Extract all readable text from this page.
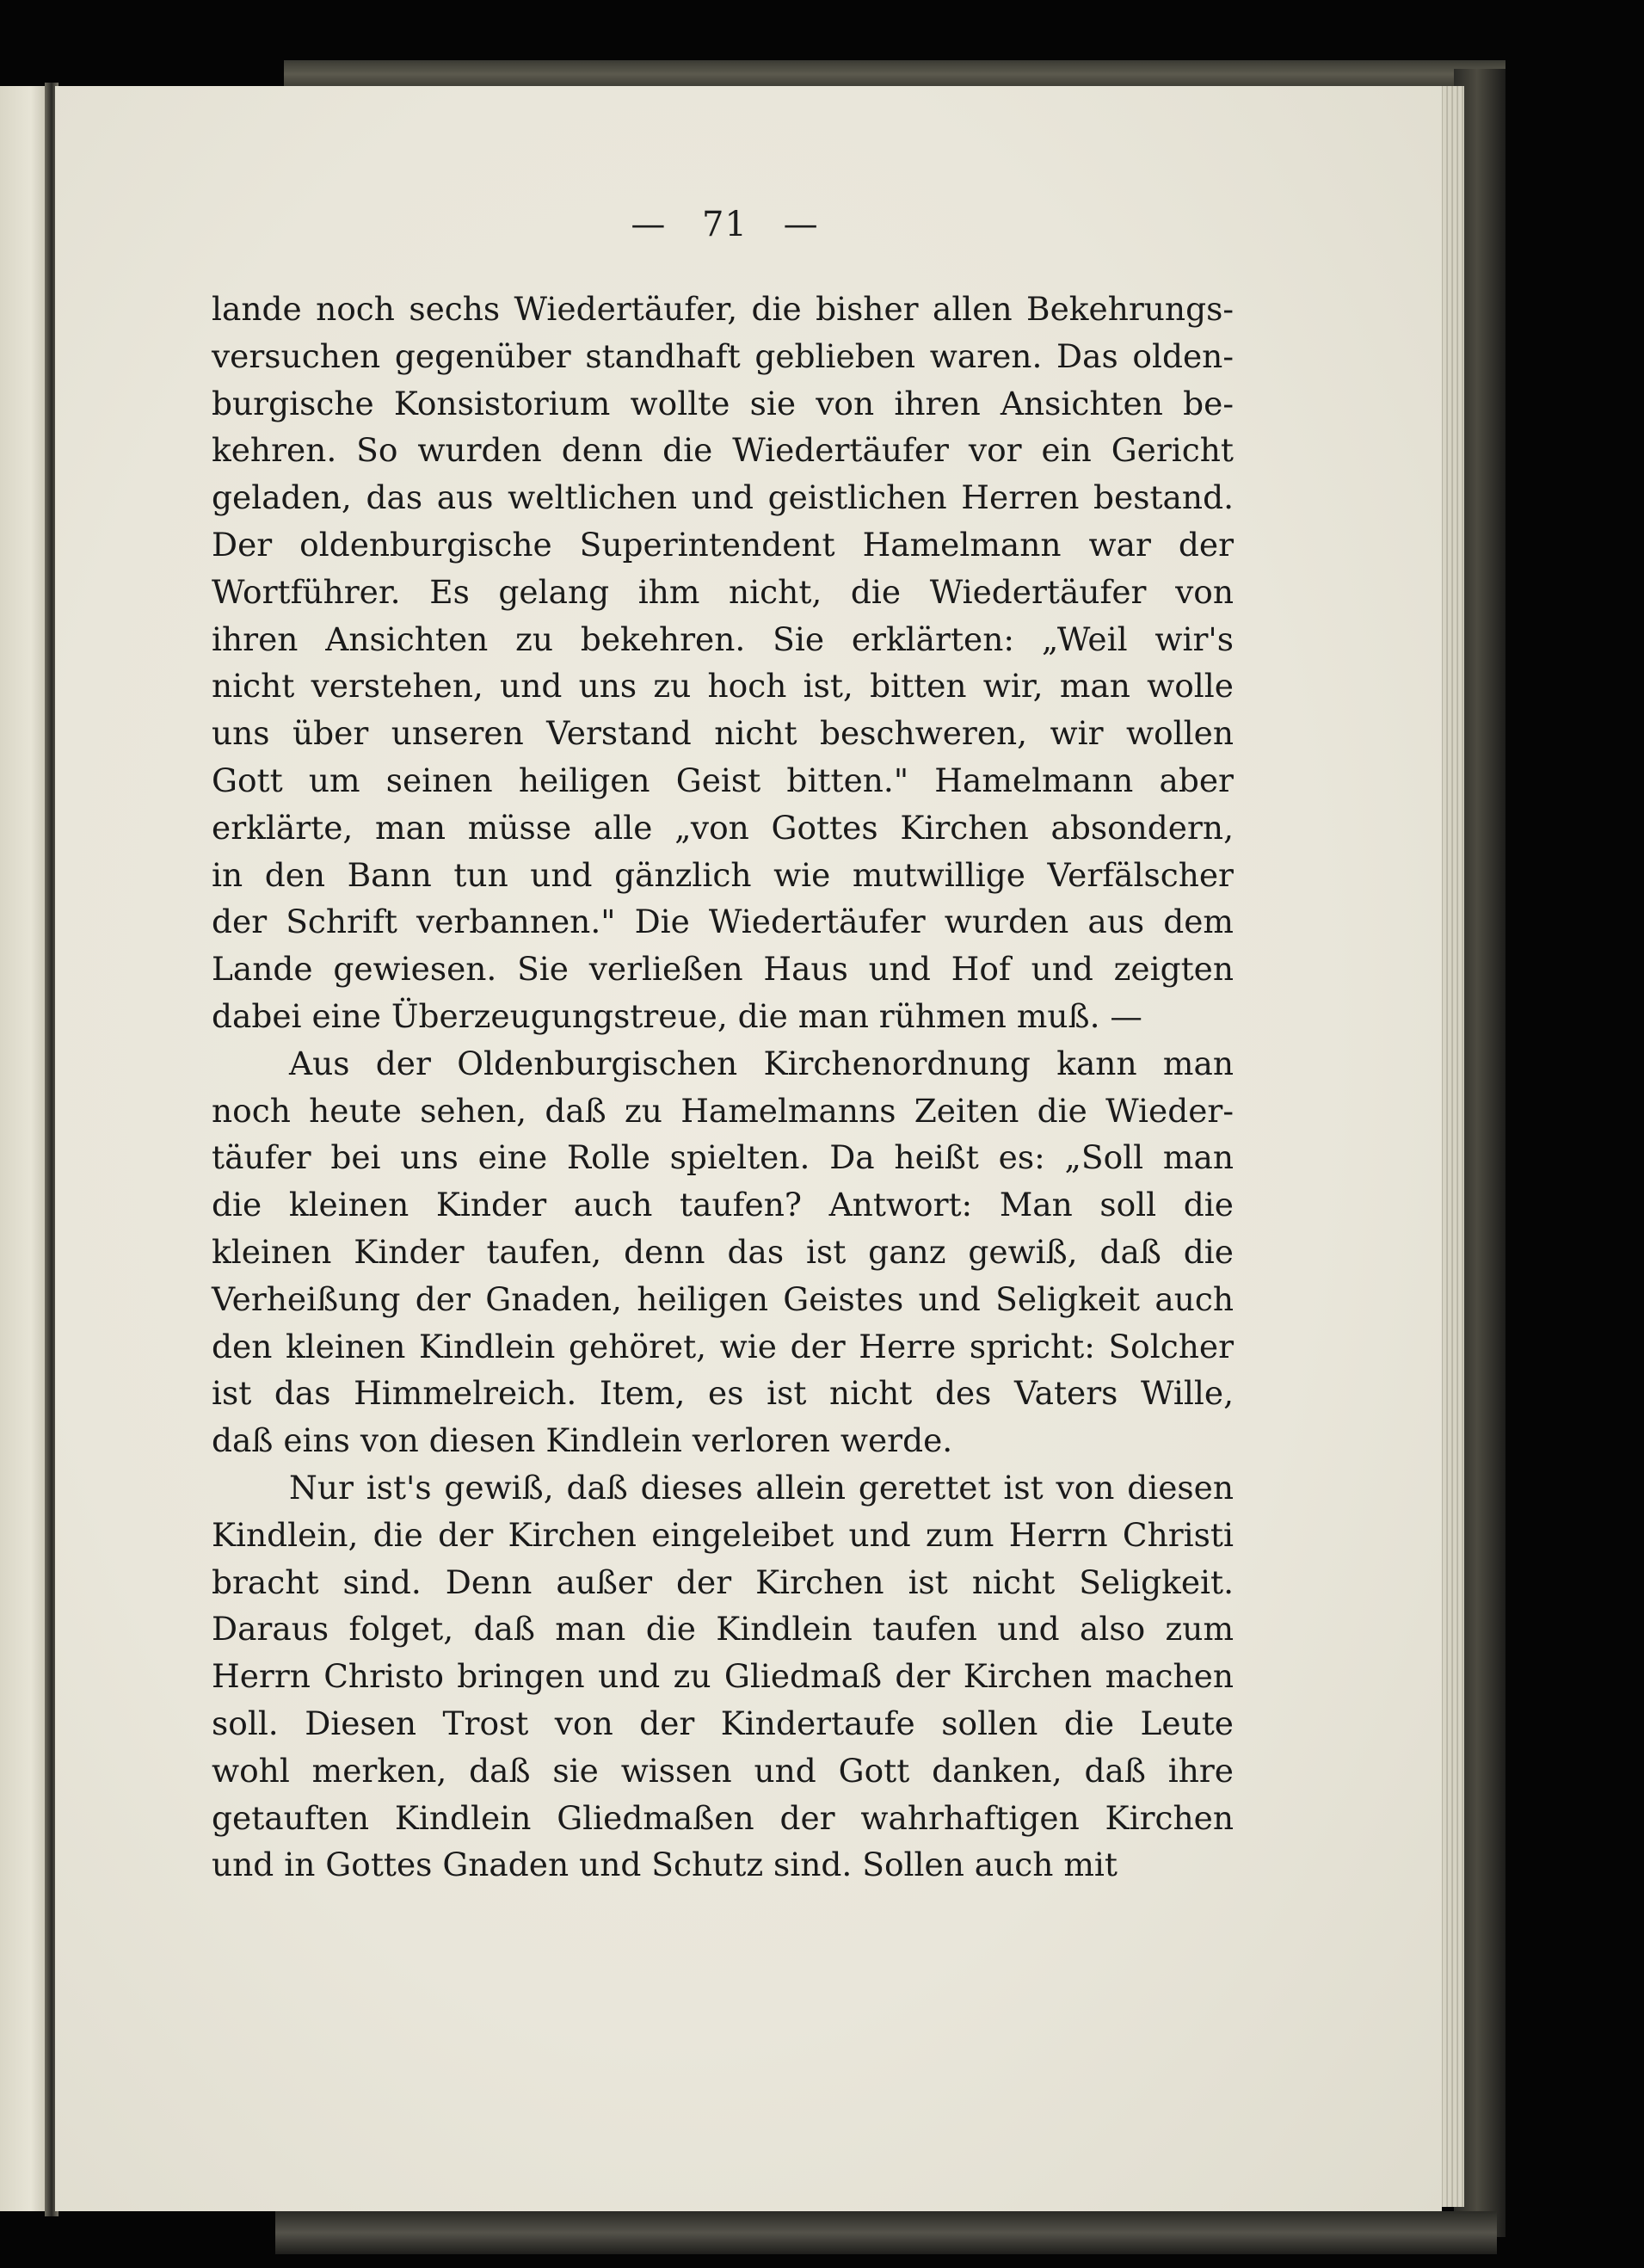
— 71 —
lande noch sechs Wiedertäufer, die bisher allen Bekehrungs-
versuchen gegenüber standhaft geblieben waren. Das olden-
burgische Konsistorium wollte sie von ihren Ansichten be-
kehren. So wurden denn die Wiedertäufer vor ein Gericht
geladen, das aus weltlichen und geistlichen Herren bestand.
Der oldenburgische Superintendent Hamelmann war der
Wortführer. Es gelang ihm nicht, die Wiedertäufer von
ihren Ansichten zu bekehren. Sie erklärten: „Weil wir's
nicht verstehen, und uns zu hoch ist, bitten wir, man wolle
uns über unseren Verstand nicht beschweren, wir wollen
Gott um seinen heiligen Geist bitten." Hamelmann aber
erklärte, man müsse alle „von Gottes Kirchen absondern,
in den Bann tun und gänzlich wie mutwillige Verfälscher
der Schrift verbannen." Die Wiedertäufer wurden aus dem
Lande gewiesen. Sie verließen Haus und Hof und zeigten
dabei eine Überzeugungstreue, die man rühmen muß. —
Aus der Oldenburgischen Kirchenordnung kann man
noch heute sehen, daß zu Hamelmanns Zeiten die Wieder-
täufer bei uns eine Rolle spielten. Da heißt es: „Soll man
die kleinen Kinder auch taufen? Antwort: Man soll die
kleinen Kinder taufen, denn das ist ganz gewiß, daß die
Verheißung der Gnaden, heiligen Geistes und Seligkeit auch
den kleinen Kindlein gehöret, wie der Herre spricht: Solcher
ist das Himmelreich. Item, es ist nicht des Vaters Wille,
daß eins von diesen Kindlein verloren werde.
Nur ist's gewiß, daß dieses allein gerettet ist von diesen
Kindlein, die der Kirchen eingeleibet und zum Herrn Christi
bracht sind. Denn außer der Kirchen ist nicht Seligkeit.
Daraus folget, daß man die Kindlein taufen und also zum
Herrn Christo bringen und zu Gliedmaß der Kirchen machen
soll. Diesen Trost von der Kindertaufe sollen die Leute
wohl merken, daß sie wissen und Gott danken, daß ihre
getauften Kindlein Gliedmaßen der wahrhaftigen Kirchen
und in Gottes Gnaden und Schutz sind. Sollen auch mit
